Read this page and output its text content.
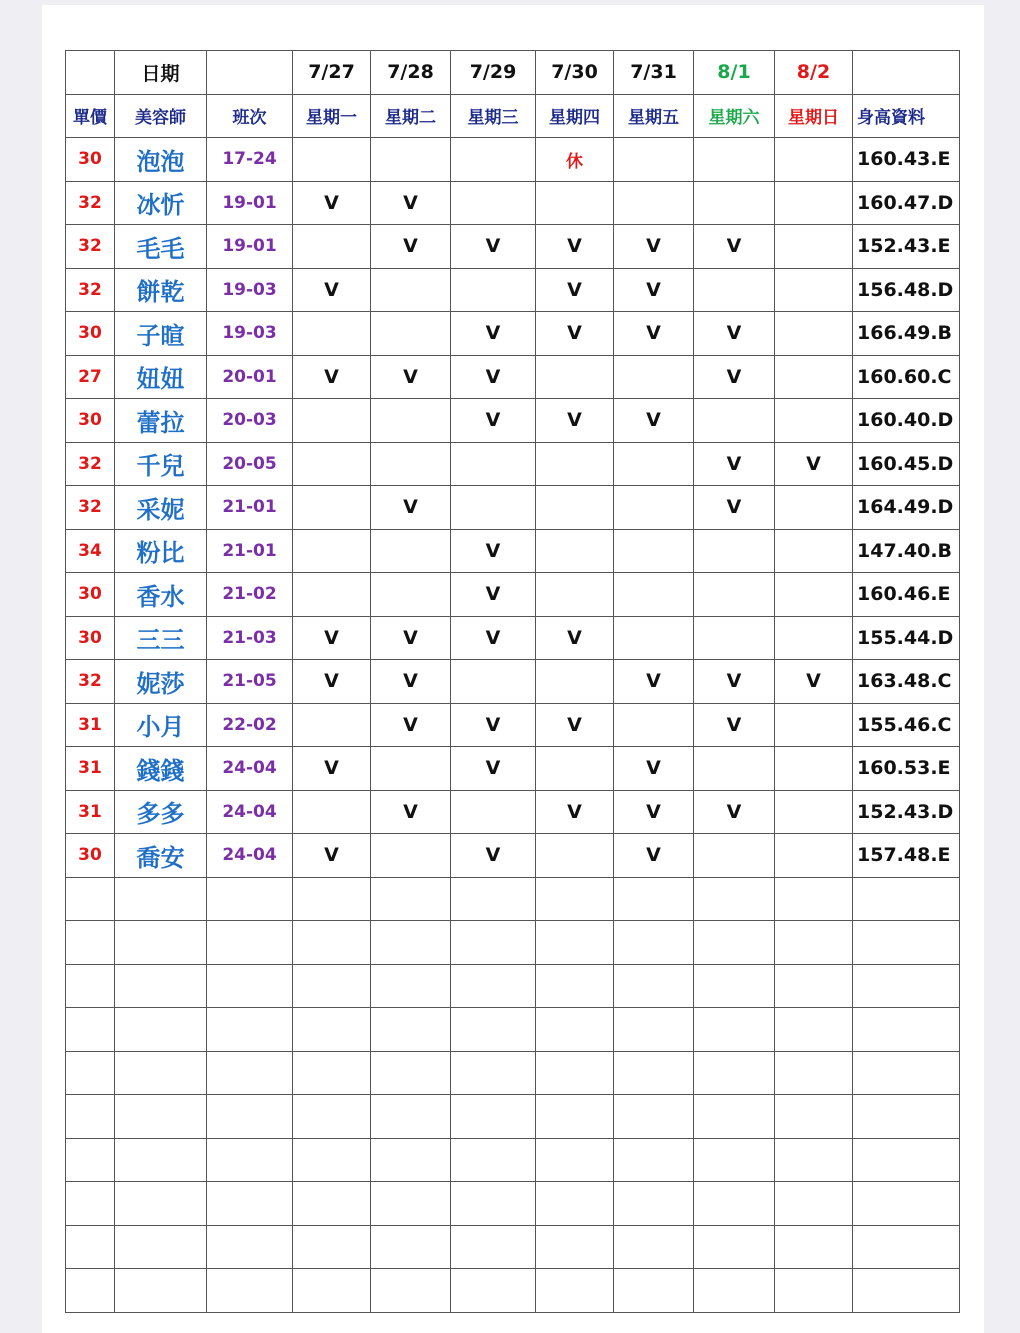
	日期		7/27	7/28	7/29	7/30	7/31	8/1	8/2	
單價	美容師	班次	星期一	星期二	星期三	星期四	星期五	星期六	星期日	身高資料
30	泡泡	17-24				休				160.43.E
32	冰忻	19-01	V	V						160.47.D
32	毛毛	19-01		V	V	V	V	V		152.43.E
32	餅乾	19-03	V			V	V			156.48.D
30	子暄	19-03			V	V	V	V		166.49.B
27	妞妞	20-01	V	V	V			V		160.60.C
30	蕾拉	20-03			V	V	V			160.40.D
32	千兒	20-05						V	V	160.45.D
32	采妮	21-01		V				V		164.49.D
34	粉比	21-01			V					147.40.B
30	香水	21-02			V					160.46.E
30	三三	21-03	V	V	V	V				155.44.D
32	妮莎	21-05	V	V			V	V	V	163.48.C
31	小月	22-02		V	V	V		V		155.46.C
31	錢錢	24-04	V		V		V			160.53.E
31	多多	24-04		V		V	V	V		152.43.D
30	喬安	24-04	V		V		V			157.48.E
